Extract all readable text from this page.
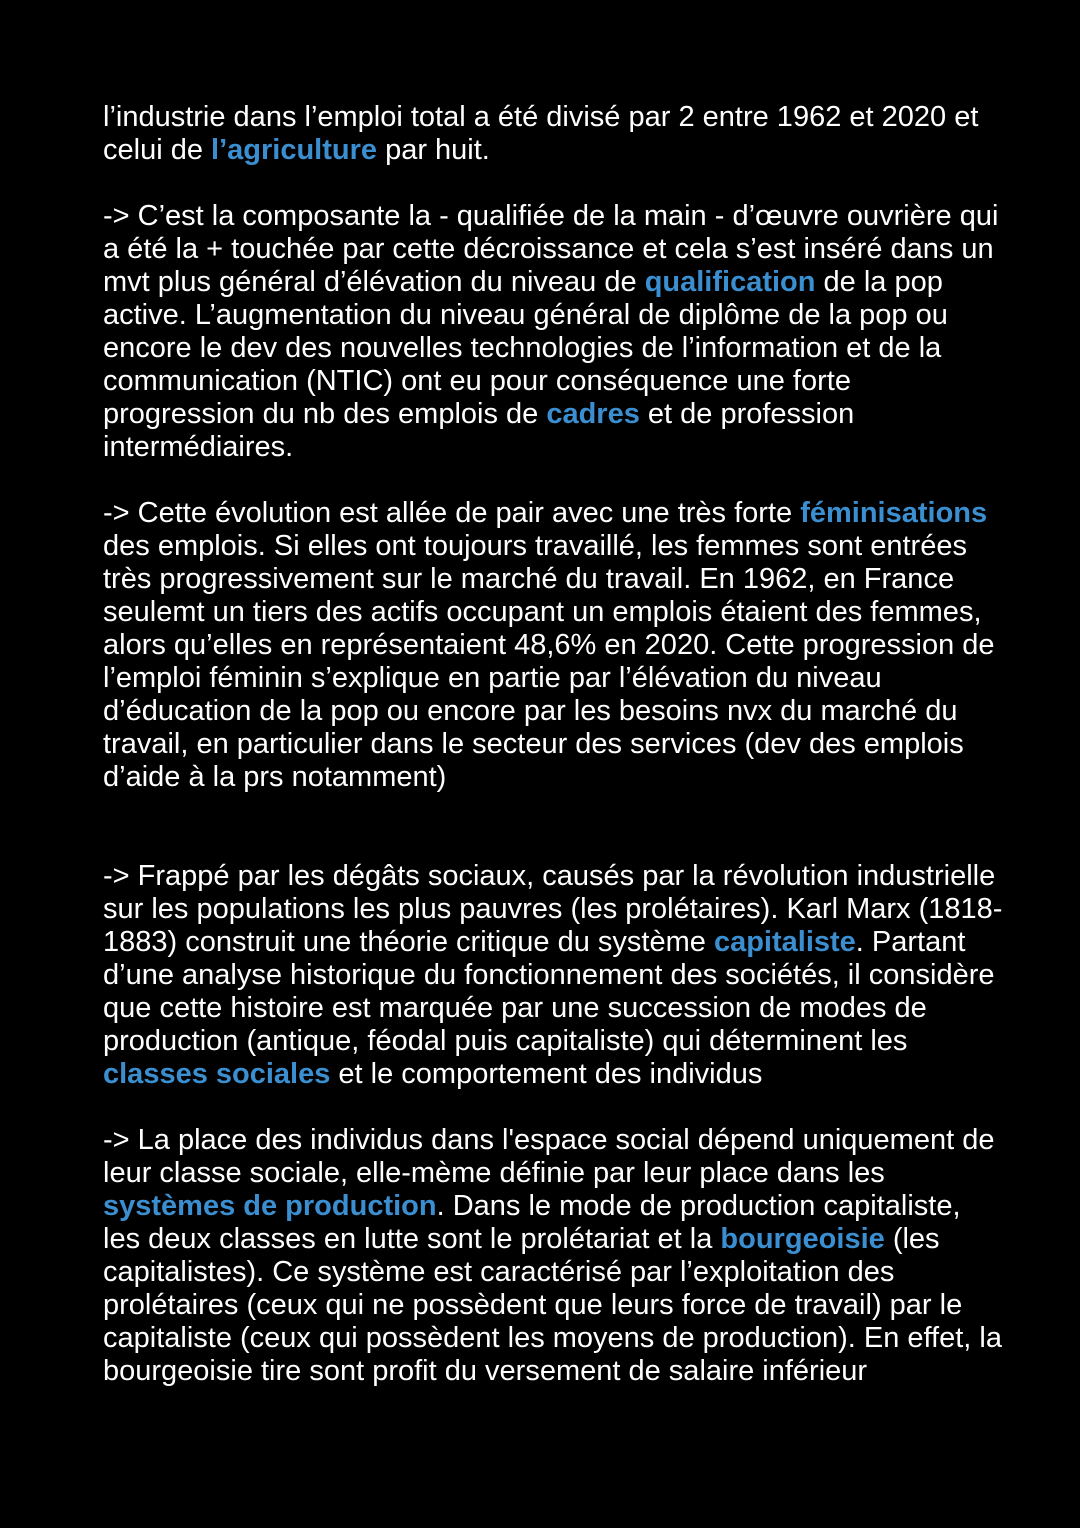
l’industrie dans l’emploi total a été divisé par 2 entre 1962 et 2020 et celui de l’agriculture par huit.

-> C’est la composante la - qualifiée de la main - d’œuvre ouvrière qui a été la + touchée par cette décroissance et cela s’est inséré dans un mvt plus général d’élévation du niveau de qualification de la pop active. L’augmentation du niveau général de diplôme de la pop ou encore le dev des nouvelles technologies de l’information et de la communication (NTIC) ont eu pour conséquence une forte progression du nb des emplois de cadres et de profession intermédiaires.

-> Cette évolution est allée de pair avec une très forte féminisations des emplois. Si elles ont toujours travaillé, les femmes sont entrées très progressivement sur le marché du travail. En 1962, en France seulemt un tiers des actifs occupant un emplois étaient des femmes, alors qu’elles en représentaient 48,6% en 2020. Cette progression de l’emploi féminin s’explique en partie par l’élévation du niveau d’éducation de la pop ou encore par les besoins nvx du marché du travail, en particulier dans le secteur des services (dev des emplois d’aide à la prs notamment)

-> Frappé par les dégâts sociaux, causés par la révolution industrielle sur les populations les plus pauvres (les prolétaires). Karl Marx (1818-1883) construit une théorie critique du système capitaliste. Partant d’une analyse historique du fonctionnement des sociétés, il considère que cette histoire est marquée par une succession de modes de production (antique, féodal puis capitaliste) qui déterminent les classes sociales et le comportement des individus

-> La place des individus dans l'espace social dépend uniquement de leur classe sociale, elle-mème définie par leur place dans les systèmes de production. Dans le mode de production capitaliste, les deux classes en lutte sont le prolétariat et la bourgeoisie (les capitalistes). Ce système est caractérisé par l’exploitation des prolétaires (ceux qui ne possèdent que leurs force de travail) par le capitaliste (ceux qui possèdent les moyens de production). En effet, la bourgeoisie tire sont profit du versement de salaire inférieur
